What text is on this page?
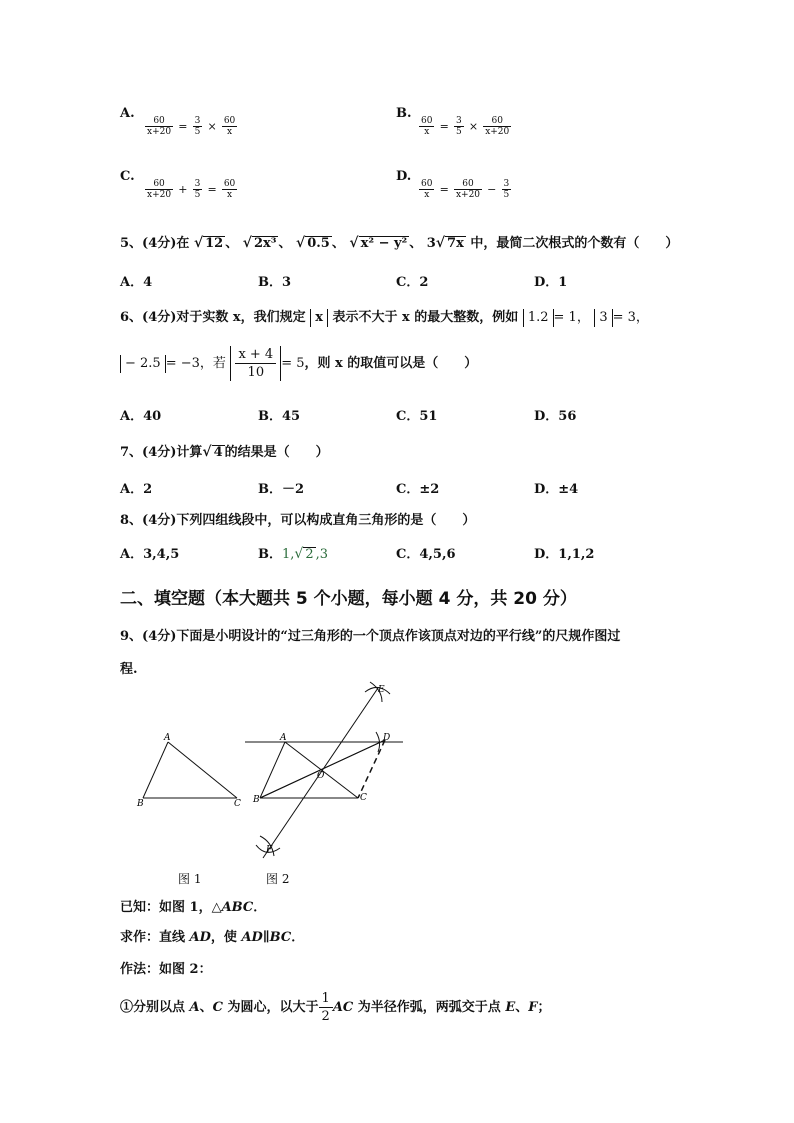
A.
$\frac{60}{x+20} = \frac{3}{5} \times \frac{60}{x}$
B.
$\frac{60}{x} = \frac{3}{5} \times \frac{60}{x+20}$
C.
$\frac{60}{x+20} + \frac{3}{5} = \frac{60}{x}$
D.
$\frac{60}{x} = \frac{60}{x+20} - \frac{3}{5}$
5、(4分)在 √ 12 、 √ 2x³ 、 √ 0.5 、 √ x² − y² 、 3√ 7x 中，最简二次根式的个数有（　　）
A．4	B．3	C．2	D．1
6、(4分)对于实数 x，我们规定 x 表示不大于 x 的最大整数，例如 1.2 = 1， 3 = 3，
− 2.5 = −3，若 $\frac{x + 4}{10} = 5$，则 x 的取值可以是（　　）
A．40	B．45	C．51	D．56
7、(4分)计算√ 4 的结果是（　　）
A．2	B．－2	C．±2	D．±4
8、(4分)下列四组线段中，可以构成直角三角形的是（　　）
A．3,4,5	B．1,√ 2 ,3	C．4,5,6	D．1,1,2
二、填空题（本大题共 5 个小题，每小题 4 分，共 20 分）
9、(4分)下面是小明设计的“过三角形的一个顶点作该顶点对边的平行线”的尺规作图过
程.
A
B	C
A
B	C
D
E
F
O
图 1	图 2
已知：如图 1，△ABC．
求作：直线 AD，使 AD∥BC．
作法：如图 2：
①分别以点 A、C 为圆心，以大于 $\frac{1}{2}$ AC 为半径作弧，两弧交于点 E、F；
